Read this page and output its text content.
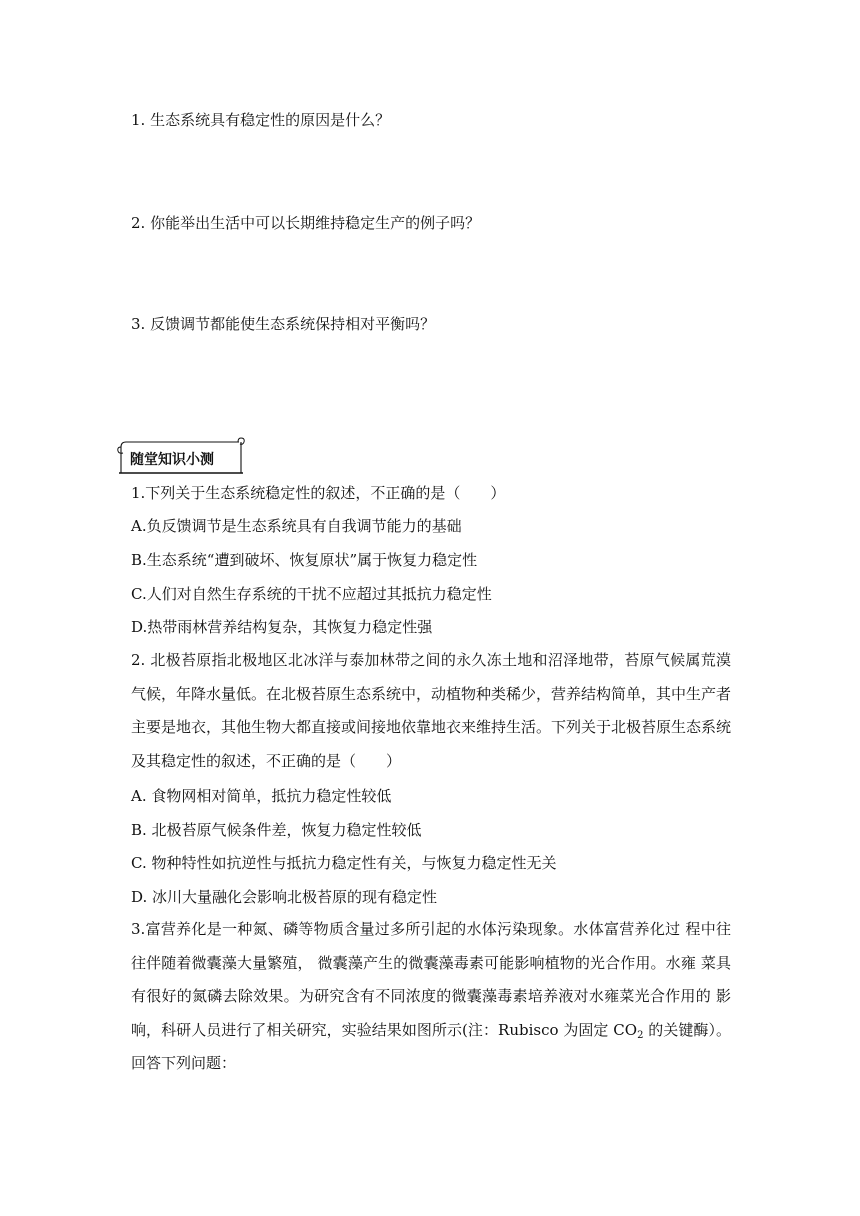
1. 生态系统具有稳定性的原因是什么？

2. 你能举出生活中可以长期维持稳定生产的例子吗？

3. 反馈调节都能使生态系统保持相对平衡吗？

随堂知识小测

1.下列关于生态系统稳定性的叙述，不正确的是（　　）

A.负反馈调节是生态系统具有自我调节能力的基础

B.生态系统“遭到破坏、恢复原状”属于恢复力稳定性

C.人们对自然生存系统的干扰不应超过其抵抗力稳定性

D.热带雨林营养结构复杂，其恢复力稳定性强

2. 北极苔原指北极地区北冰洋与泰加林带之间的永久冻土地和沼泽地带，苔原气候属荒漠气候，年降水量低。在北极苔原生态系统中，动植物种类稀少，营养结构简单，其中生产者主要是地衣，其他生物大都直接或间接地依靠地衣来维持生活。下列关于北极苔原生态系统及其稳定性的叙述，不正确的是（　　）

A. 食物网相对简单，抵抗力稳定性较低

B. 北极苔原气候条件差，恢复力稳定性较低

C. 物种特性如抗逆性与抵抗力稳定性有关，与恢复力稳定性无关

D. 冰川大量融化会影响北极苔原的现有稳定性

3.富营养化是一种氮、磷等物质含量过多所引起的水体污染现象。水体富营养化过 程中往往伴随着微囊藻大量繁殖， 微囊藻产生的微囊藻毒素可能影响植物的光合作用。水雍 菜具有很好的氮磷去除效果。为研究含有不同浓度的微囊藻毒素培养液对水雍菜光合作用的 影响，科研人员进行了相关研究，实验结果如图所示(注：Rubisco 为固定 $CO_2$ 的关键酶）。回答下列问题：
